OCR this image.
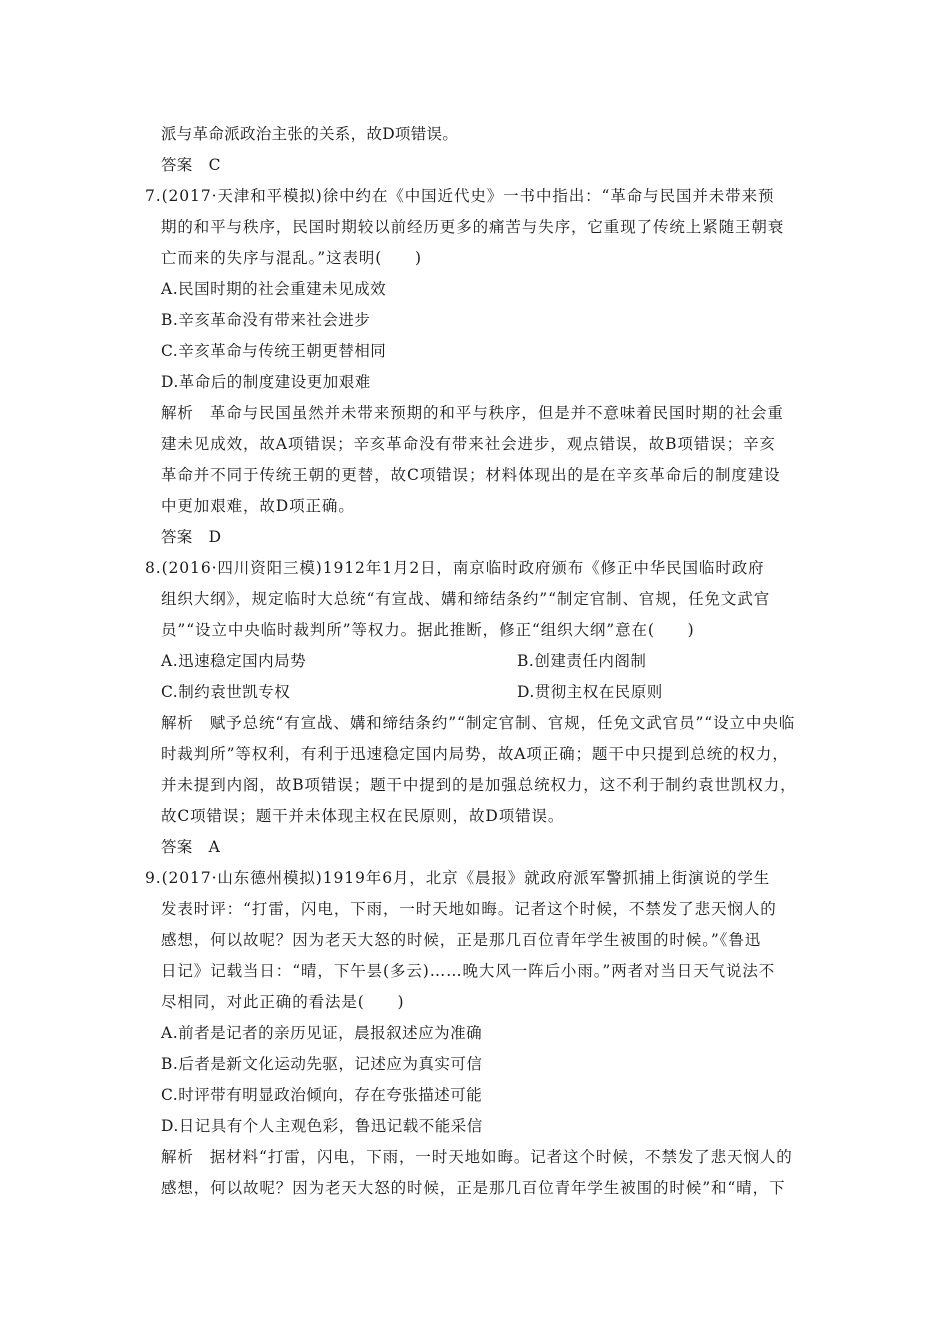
派与革命派政治主张的关系，故D项错误。
答案 C
7.(2017·天津和平模拟)徐中约在《中国近代史》一书中指出：“革命与民国并未带来预
期的和平与秩序，民国时期较以前经历更多的痛苦与失序，它重现了传统上紧随王朝衰
亡而来的失序与混乱。”这表明(　　)
A.民国时期的社会重建未见成效
B.辛亥革命没有带来社会进步
C.辛亥革命与传统王朝更替相同
D.革命后的制度建设更加艰难
解析 革命与民国虽然并未带来预期的和平与秩序，但是并不意味着民国时期的社会重
建未见成效，故A项错误；辛亥革命没有带来社会进步，观点错误，故B项错误；辛亥
革命并不同于传统王朝的更替，故C项错误；材料体现出的是在辛亥革命后的制度建设
中更加艰难，故D项正确。
答案 D
8.(2016·四川资阳三模)1912年1月2日，南京临时政府颁布《修正中华民国临时政府
组织大纲》，规定临时大总统“有宣战、媾和缔结条约”“制定官制、官规，任免文武官
员”“设立中央临时裁判所”等权力。据此推断，修正“组织大纲”意在(　　)
A.迅速稳定国内局势	B.创建责任内阁制
C.制约袁世凯专权	D.贯彻主权在民原则
解析 赋予总统“有宣战、媾和缔结条约”“制定官制、官规，任免文武官员”“设立中央临
时裁判所”等权利，有利于迅速稳定国内局势，故A项正确；题干中只提到总统的权力，
并未提到内阁，故B项错误；题干中提到的是加强总统权力，这不利于制约袁世凯权力，
故C项错误；题干并未体现主权在民原则，故D项错误。
答案 A
9.(2017·山东德州模拟)1919年6月，北京《晨报》就政府派军警抓捕上街演说的学生
发表时评：“打雷，闪电，下雨，一时天地如晦。记者这个时候，不禁发了悲天悯人的
感想，何以故呢？因为老天大怒的时候，正是那几百位青年学生被围的时候。”《鲁迅
日记》记载当日：“晴，下午昙(多云)……晚大风一阵后小雨。”两者对当日天气说法不
尽相同，对此正确的看法是(　　)
A.前者是记者的亲历见证，晨报叙述应为准确
B.后者是新文化运动先驱，记述应为真实可信
C.时评带有明显政治倾向，存在夸张描述可能
D.日记具有个人主观色彩，鲁迅记载不能采信
解析 据材料“打雷，闪电，下雨，一时天地如晦。记者这个时候，不禁发了悲天悯人的
感想，何以故呢？因为老天大怒的时候，正是那几百位青年学生被围的时候”和“晴，下
